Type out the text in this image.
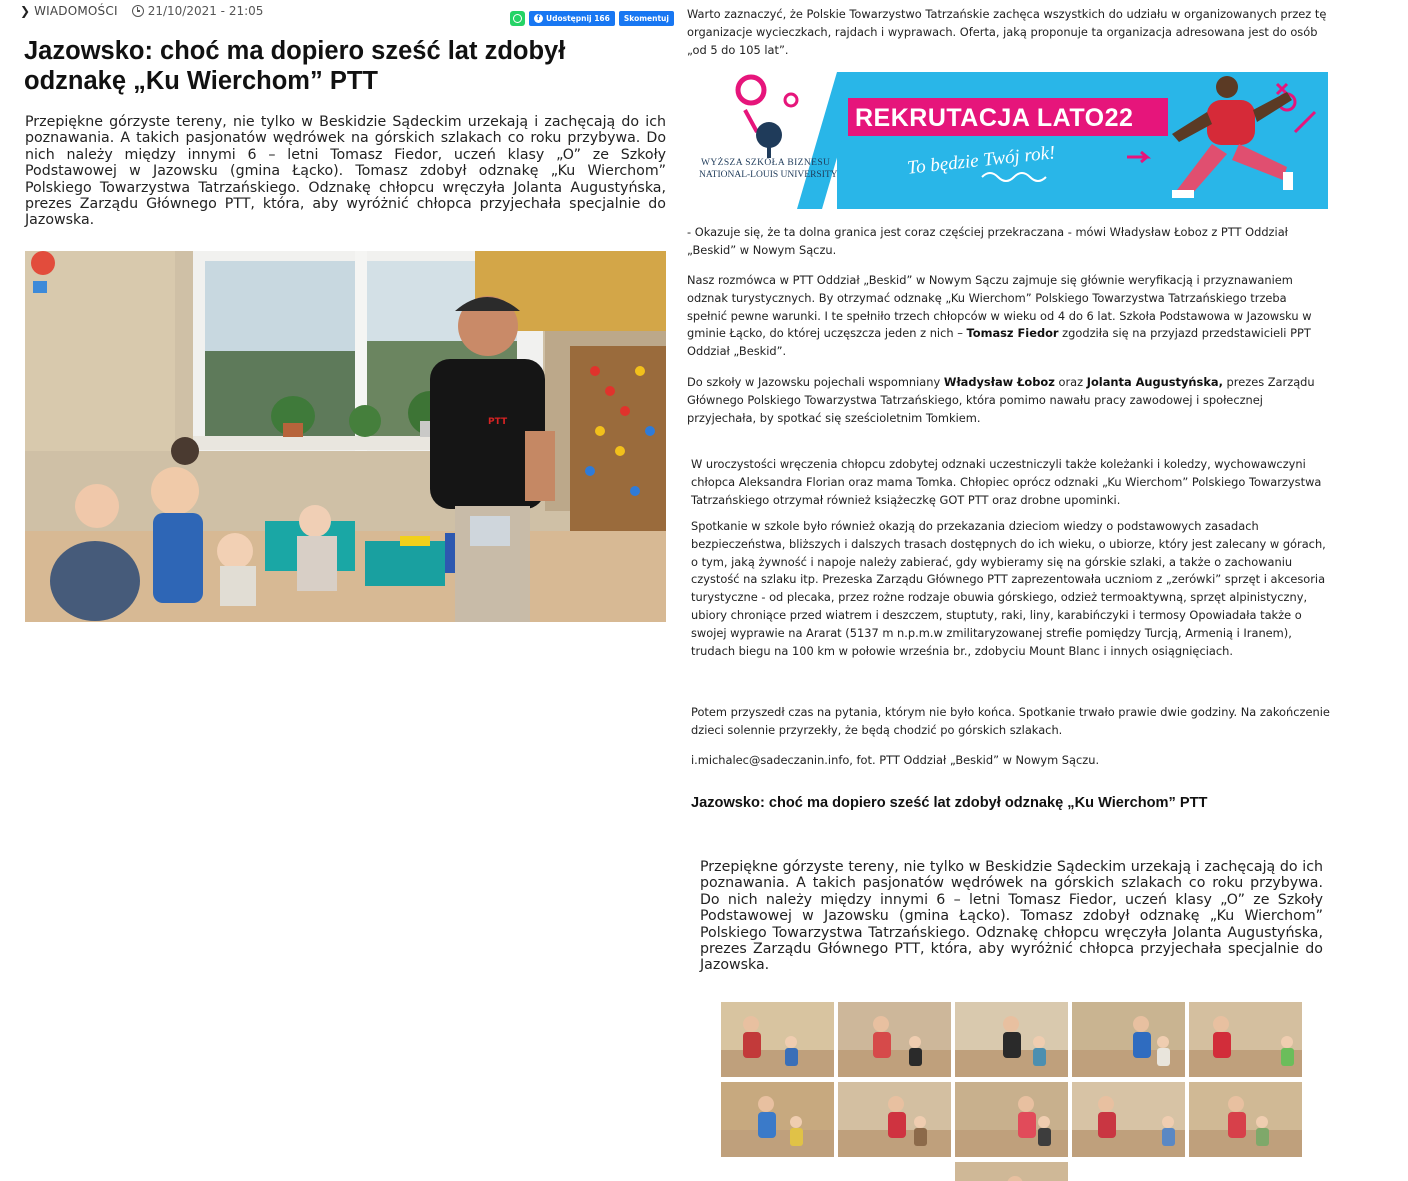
❯ WIADOMOŚCI	21/10/2021 - 21:05	f Udostępnij 166	Skomentuj
Jazowsko: choć ma dopiero sześć lat zdobył odznakę „Ku Wierchom” PTT

Przepiękne górzyste tereny, nie tylko w Beskidzie Sądeckim urzekają i zachęcają do ich poznawania. A takich pasjonatów wędrówek na górskich szlakach co roku przybywa. Do nich należy między innymi 6 – letni Tomasz Fiedor, uczeń klasy „O” ze Szkoły Podstawowej w Jazowsku (gmina Łącko). Tomasz zdobył odznakę „Ku Wierchom” Polskiego Towarzystwa Tatrzańskiego. Odznakę chłopcu wręczyła Jolanta Augustyńska, prezes Zarządu Głównego PTT, która, aby wyróżnić chłopca przyjechała specjalnie do Jazowska.

PTT

Warto zaznaczyć, że Polskie Towarzystwo Tatrzańskie zachęca wszystkich do udziału w organizowanych przez tę organizacje wycieczkach, rajdach i wyprawach. Oferta, jaką proponuje ta organizacja adresowana jest do osób „od 5 do 105 lat”.

REKRUTACJA LATO22
To będzie Twój rok!
WYŻSZA SZKOŁA BIZNESU
NATIONAL-LOUIS UNIVERSITY

- Okazuje się, że ta dolna granica jest coraz częściej przekraczana - mówi Władysław Łoboz z PTT Oddział „Beskid” w Nowym Sączu.

Nasz rozmówca w PTT Oddział „Beskid” w Nowym Sączu zajmuje się głównie weryfikacją i przyznawaniem odznak turystycznych. By otrzymać odznakę „Ku Wierchom” Polskiego Towarzystwa Tatrzańskiego trzeba spełnić pewne warunki. I te spełniło trzech chłopców w wieku od 4 do 6 lat. Szkoła Podstawowa w Jazowsku w gminie Łącko, do której uczęszcza jeden z nich – Tomasz Fiedor zgodziła się na przyjazd przedstawicieli PPT Oddział „Beskid”.

Do szkoły w Jazowsku pojechali wspomniany Władysław Łoboz oraz Jolanta Augustyńska, prezes Zarządu Głównego Polskiego Towarzystwa Tatrzańskiego, która pomimo nawału pracy zawodowej i społecznej przyjechała, by spotkać się sześcioletnim Tomkiem.

W uroczystości wręczenia chłopcu zdobytej odznaki uczestniczyli także koleżanki i koledzy, wychowawczyni chłopca Aleksandra Florian oraz mama Tomka. Chłopiec oprócz odznaki „Ku Wierchom” Polskiego Towarzystwa Tatrzańskiego otrzymał również książeczkę GOT PTT oraz drobne upominki.

Spotkanie w szkole było również okazją do przekazania dzieciom wiedzy o podstawowych zasadach bezpieczeństwa, bliższych i dalszych trasach dostępnych do ich wieku, o ubiorze, który jest zalecany w górach, o tym, jaką żywność i napoje należy zabierać, gdy wybieramy się na górskie szlaki, a także o zachowaniu czystość na szlaku itp. Prezeska Zarządu Głównego PTT zaprezentowała uczniom z „zerówki” sprzęt i akcesoria turystyczne - od plecaka, przez rożne rodzaje obuwia górskiego, odzież termoaktywną, sprzęt alpinistyczny, ubiory chroniące przed wiatrem i deszczem, stuptuty, raki, liny, karabińczyki i termosy Opowiadała także o swojej wyprawie na Ararat (5137 m n.p.m.w zmilitaryzowanej strefie pomiędzy Turcją, Armenią i Iranem), trudach biegu na 100 km w połowie września br., zdobyciu Mount Blanc i innych osiągnięciach.

Potem przyszedł czas na pytania, którym nie było końca. Spotkanie trwało prawie dwie godziny. Na zakończenie dzieci solennie przyrzekły, że będą chodzić po górskich szlakach.

i.michalec@sadeczanin.info, fot. PTT Oddział „Beskid” w Nowym Sączu.

Jazowsko: choć ma dopiero sześć lat zdobył odznakę „Ku Wierchom” PTT

Przepiękne górzyste tereny, nie tylko w Beskidzie Sądeckim urzekają i zachęcają do ich poznawania. A takich pasjonatów wędrówek na górskich szlakach co roku przybywa. Do nich należy między innymi 6 – letni Tomasz Fiedor, uczeń klasy „O” ze Szkoły Podstawowej w Jazowsku (gmina Łącko). Tomasz zdobył odznakę „Ku Wierchom” Polskiego Towarzystwa Tatrzańskiego. Odznakę chłopcu wręczyła Jolanta Augustyńska, prezes Zarządu Głównego PTT, która, aby wyróżnić chłopca przyjechała specjalnie do Jazowska.
